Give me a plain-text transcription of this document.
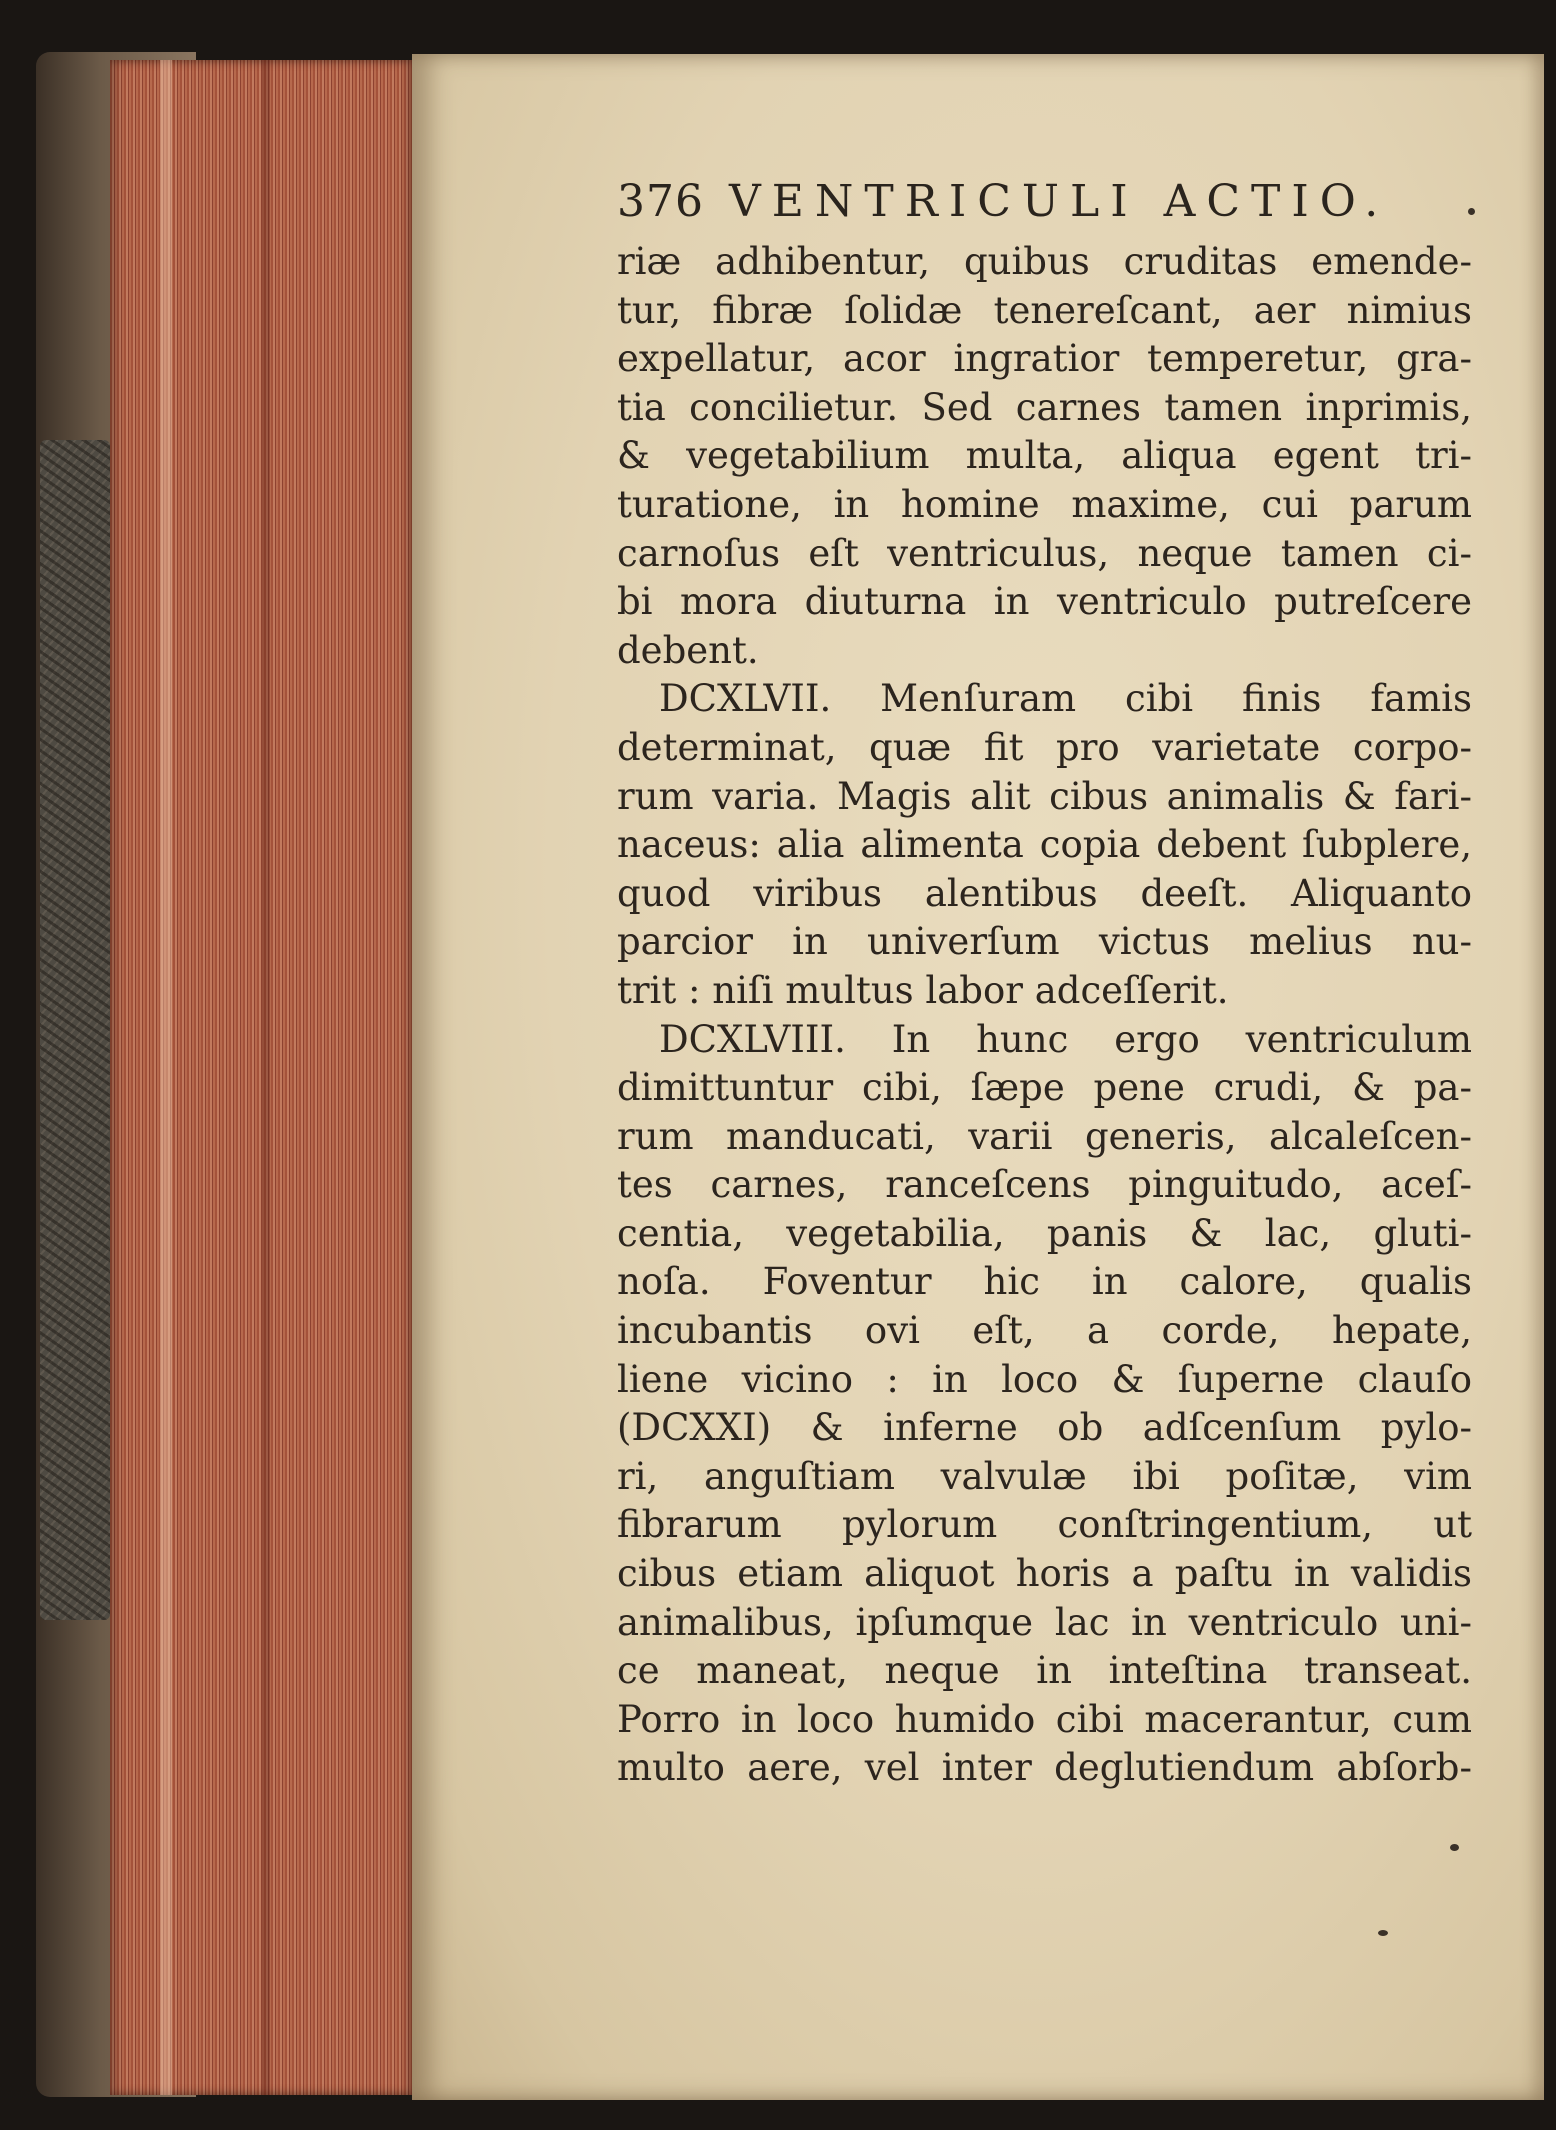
376 VENTRICULI ACTIO.
riæ adhibentur, quibus cruditas emende-
tur, fibræ ſolidæ tenereſcant, aer nimius
expellatur, acor ingratior temperetur, gra-
tia concilietur. Sed carnes tamen inprimis,
& vegetabilium multa, aliqua egent tri-
turatione, in homine maxime, cui parum
carnoſus eſt ventriculus, neque tamen ci-
bi mora diuturna in ventriculo putreſcere
debent.
DCXLVII. Menſuram cibi finis famis
determinat, quæ fit pro varietate corpo-
rum varia. Magis alit cibus animalis & fari-
naceus: alia alimenta copia debent ſubplere,
quod viribus alentibus deeſt. Aliquanto
parcior in univerſum victus melius nu-
trit : niſi multus labor adceſſerit.
DCXLVIII. In hunc ergo ventriculum
dimittuntur cibi, ſæpe pene crudi, & pa-
rum manducati, varii generis, alcaleſcen-
tes carnes, ranceſcens pinguitudo, aceſ-
centia, vegetabilia, panis & lac, gluti-
noſa. Foventur hic in calore, qualis
incubantis ovi eſt, a corde, hepate,
liene vicino : in loco & ſuperne clauſo
(DCXXI) & inferne ob adſcenſum pylo-
ri, anguſtiam valvulæ ibi poſitæ, vim
fibrarum pylorum conſtringentium, ut
cibus etiam aliquot horis a paſtu in validis
animalibus, ipſumque lac in ventriculo uni-
ce maneat, neque in inteſtina transeat.
Porro in loco humido cibi macerantur, cum
multo aere, vel inter deglutiendum abſorb-
